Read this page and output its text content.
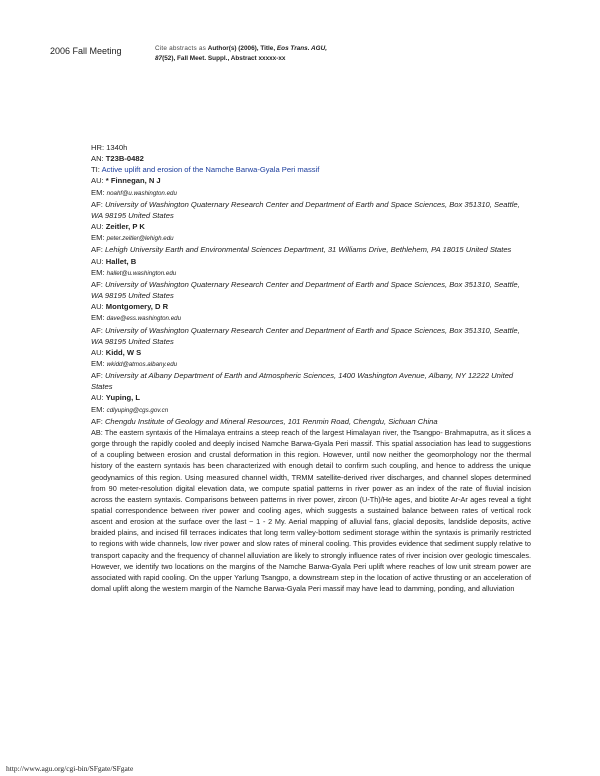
2006 Fall Meeting	Cite abstracts as Author(s) (2006), Title, Eos Trans. AGU,
87(52), Fall Meet. Suppl., Abstract xxxxx-xx
HR: 1340h
AN: T23B-0482
TI: Active uplift and erosion of the Namche Barwa-Gyala Peri massif
AU: * Finnegan, N J
EM: noahf@u.washington.edu
AF: University of Washington Quaternary Research Center and Department of Earth and Space Sciences, Box 351310, Seattle, WA 98195 United States
AU: Zeitler, P K
EM: peter.zeitler@lehigh.edu
AF: Lehigh University Earth and Environmental Sciences Department, 31 Williams Drive, Bethlehem, PA 18015 United States
AU: Hallet, B
EM: hallet@u.washington.edu
AF: University of Washington Quaternary Research Center and Department of Earth and Space Sciences, Box 351310, Seattle, WA 98195 United States
AU: Montgomery, D R
EM: dave@ess.washington.edu
AF: University of Washington Quaternary Research Center and Department of Earth and Space Sciences, Box 351310, Seattle, WA 98195 United States
AU: Kidd, W S
EM: wkidd@atmos.albany.edu
AF: University at Albany Department of Earth and Atmospheric Sciences, 1400 Washington Avenue, Albany, NY 12222 United States
AU: Yuping, L
EM: cdlyuping@cgs.gov.cn
AF: Chengdu Institute of Geology and Mineral Resources, 101 Renmin Road, Chengdu, Sichuan China
AB: The eastern syntaxis of the Himalaya entrains a steep reach of the largest Himalayan river, the Tsangpo- Brahmaputra, as it slices a gorge through the rapidly cooled and deeply incised Namche Barwa-Gyala Peri massif. This spatial association has lead to suggestions of a coupling between erosion and crustal deformation in this region. However, until now neither the geomorphology nor the thermal history of the eastern syntaxis has been characterized with enough detail to confirm such coupling, and hence to address the unique geodynamics of this region. Using measured channel width, TRMM satellite-derived river discharges, and channel slopes determined from 90 meter-resolution digital elevation data, we compute spatial patterns in river power as an index of the rate of fluvial incision across the eastern syntaxis. Comparisons between patterns in river power, zircon (U-Th)/He ages, and biotite Ar-Ar ages reveal a tight spatial correspondence between river power and cooling ages, which suggests a sustained balance between rates of vertical rock ascent and erosion at the surface over the last ~ 1 - 2 My. Aerial mapping of alluvial fans, glacial deposits, landslide deposits, active braided plains, and incised fill terraces indicates that long term valley-bottom sediment storage within the syntaxis is primarily restricted to regions with wide channels, low river power and slow rates of mineral cooling. This provides evidence that sediment supply relative to transport capacity and the frequency of channel alluviation are likely to strongly influence rates of river incision over geologic timescales. However, we identify two locations on the margins of the Namche Barwa-Gyala Peri uplift where reaches of low unit stream power are associated with rapid cooling. On the upper Yarlung Tsangpo, a downstream step in the location of active thrusting or an acceleration of domal uplift along the western margin of the Namche Barwa-Gyala Peri massif may have lead to damming, ponding, and alluviation
http://www.agu.org/cgi-bin/SFgate/SFgate
